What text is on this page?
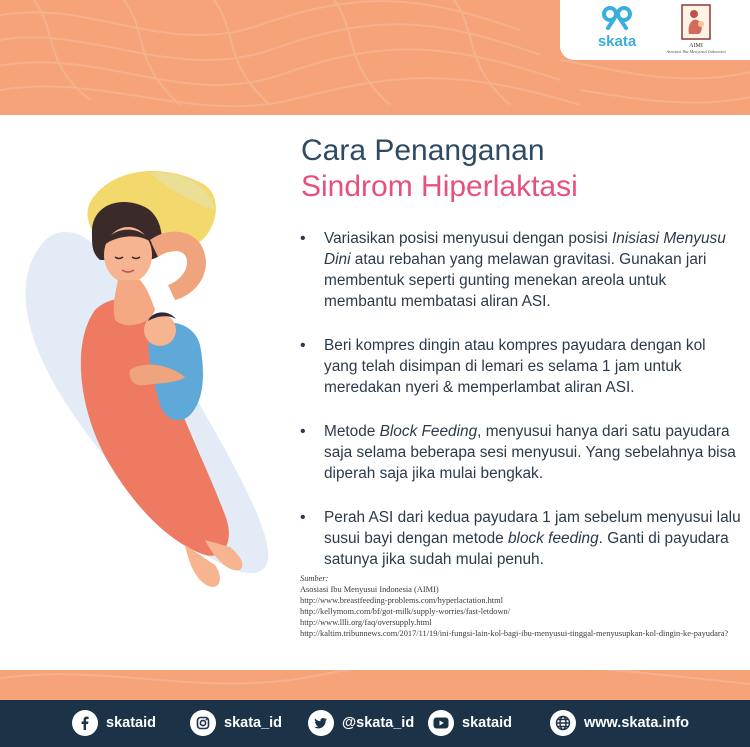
skata	AIMI
Asosiasi Ibu Menyusui Indonesia
Cara Penanganan
Sindrom Hiperlaktasi
• Variasikan posisi menyusui dengan posisi Inisiasi Menyusu Dini atau rebahan yang melawan gravitasi. Gunakan jari membentuk seperti gunting menekan areola untuk membantu membatasi aliran ASI.
• Beri kompres dingin atau kompres payudara dengan kol yang telah disimpan di lemari es selama 1 jam untuk meredakan nyeri & memperlambat aliran ASI.
• Metode Block Feeding, menyusui hanya dari satu payudara saja selama beberapa sesi menyusui. Yang sebelahnya bisa diperah saja jika mulai bengkak.
• Perah ASI dari kedua payudara 1 jam sebelum menyusui lalu susui bayi dengan metode block feeding. Ganti di payudara satunya jika sudah mulai penuh.
Sumber:
Asosiasi Ibu Menyusui Indonesia (AIMI)
http://www.breastfeeding-problems.com/hyperlactation.html
http://kellymom.com/bf/got-milk/supply-worries/fast-letdown/
http://www.llli.org/faq/oversupply.html
http://kaltim.tribunnews.com/2017/11/19/ini-fungsi-lain-kol-bagi-ibu-menyusui-tinggal-menyusupkan-kol-dingin-ke-payudara?
skataid	skata_id	@skata_id	skataid	www.skata.info
